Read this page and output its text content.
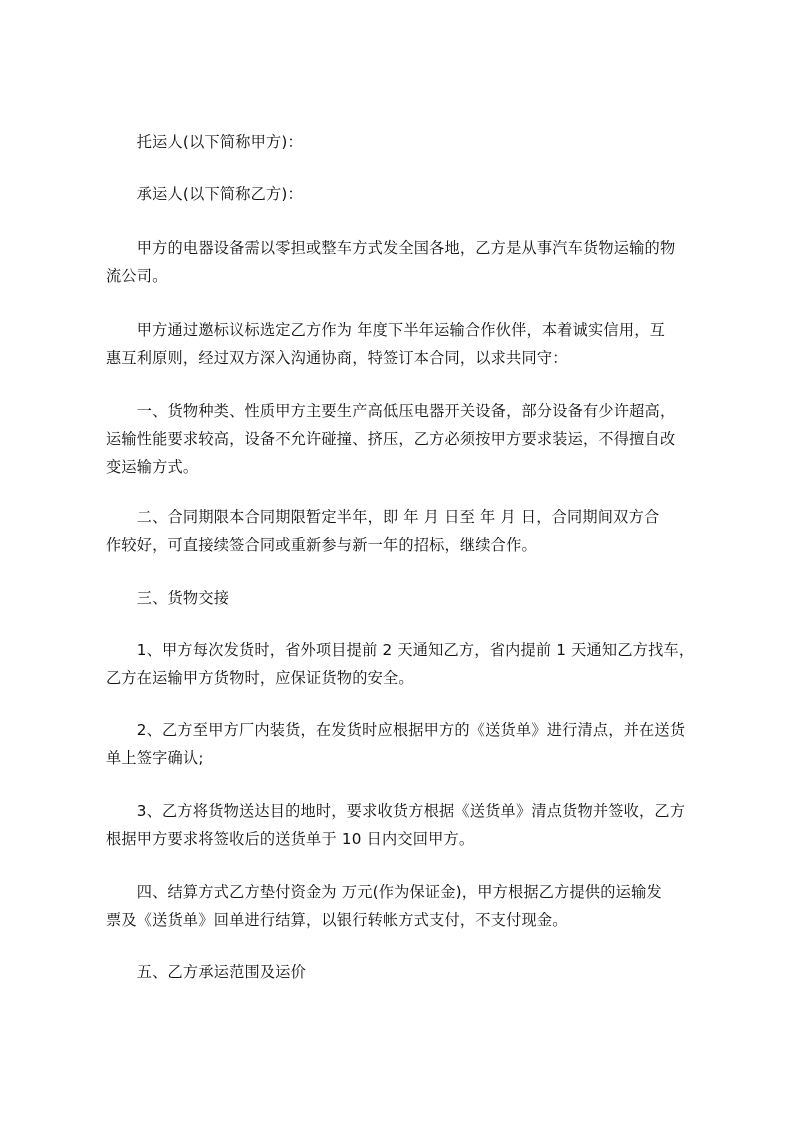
　　托运人(以下简称甲方)：
　　承运人(以下简称乙方)：
　　甲方的电器设备需以零担或整车方式发全国各地，乙方是从事汽车货物运输的物
流公司。
　　甲方通过邀标议标选定乙方作为 年度下半年运输合作伙伴，本着诚实信用，互
惠互利原则，经过双方深入沟通协商，特签订本合同，以求共同守：
　　一、货物种类、性质甲方主要生产高低压电器开关设备，部分设备有少许超高，
运输性能要求较高，设备不允许碰撞、挤压，乙方必须按甲方要求装运，不得擅自改
变运输方式。
　　二、合同期限本合同期限暂定半年，即 年 月 日至 年 月 日，合同期间双方合
作较好，可直接续签合同或重新参与新一年的招标，继续合作。
　　三、货物交接
　　1、甲方每次发货时，省外项目提前 2 天通知乙方，省内提前 1 天通知乙方找车，
乙方在运输甲方货物时，应保证货物的安全。
　　2、乙方至甲方厂内装货，在发货时应根据甲方的《送货单》进行清点，并在送货
单上签字确认;
　　3、乙方将货物送达目的地时，要求收货方根据《送货单》清点货物并签收，乙方
根据甲方要求将签收后的送货单于 10 日内交回甲方。
　　四、结算方式乙方垫付资金为 万元(作为保证金)，甲方根据乙方提供的运输发
票及《送货单》回单进行结算，以银行转帐方式支付，不支付现金。
　　五、乙方承运范围及运价
